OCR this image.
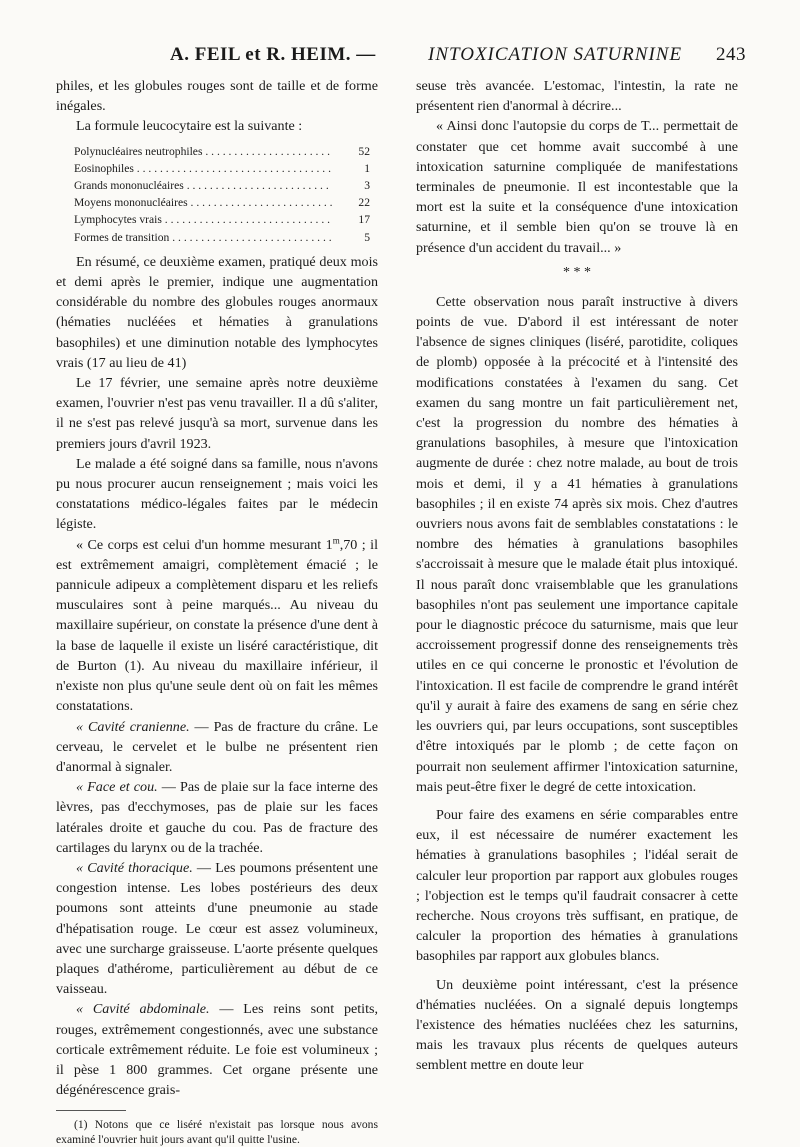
A. FEIL et R. HEIM. —	INTOXICATION SATURNINE 243

philes, et les globules rouges sont de taille et de forme inégales.

La formule leucocytaire est la suivante :

Polynucléaires neutrophiles . . .	52
Eosinophiles . . .	1
Grands mononucléaires . . .	3
Moyens mononucléaires . . .	22
Lymphocytes vrais . . .	17
Formes de transition . . .	5

En résumé, ce deuxième examen, pratiqué deux mois et demi après le premier, indique une augmentation considérable du nombre des globules rouges anormaux (hématies nucléées et hématies à granulations basophiles) et une diminution notable des lymphocytes vrais (17 au lieu de 41)

Le 17 février, une semaine après notre deuxième examen, l'ouvrier n'est pas venu travailler. Il a dû s'aliter, il ne s'est pas relevé jusqu'à sa mort, survenue dans les premiers jours d'avril 1923.

Le malade a été soigné dans sa famille, nous n'avons pu nous procurer aucun renseignement ; mais voici les constatations médico-légales faites par le médecin légiste.

« Ce corps est celui d'un homme mesurant 1$^m$,70 ; il est extrêmement amaigri, complètement émacié ; le pannicule adipeux a complètement disparu et les reliefs musculaires sont à peine marqués... Au niveau du maxillaire supérieur, on constate la présence d'une dent à la base de laquelle il existe un liséré caractéristique, dit de Burton (1). Au niveau du maxillaire inférieur, il n'existe non plus qu'une seule dent où on fait les mêmes constatations.

« Cavité cranienne. — Pas de fracture du crâne. Le cerveau, le cervelet et le bulbe ne présentent rien d'anormal à signaler.

« Face et cou. — Pas de plaie sur la face interne des lèvres, pas d'ecchymoses, pas de plaie sur les faces latérales droite et gauche du cou. Pas de fracture des cartilages du larynx ou de la trachée.

« Cavité thoracique. — Les poumons présentent une congestion intense. Les lobes postérieurs des deux poumons sont atteints d'une pneumonie au stade d'hépatisation rouge. Le cœur est assez volumineux, avec une surcharge graisseuse. L'aorte présente quelques plaques d'athérome, particulièrement au début de ce vaisseau.

« Cavité abdominale. — Les reins sont petits, rouges, extrêmement congestionnés, avec une substance corticale extrêmement réduite. Le foie est volumineux ; il pèse 1 800 grammes. Cet organe présente une dégénérescence grais-

(1) Notons que ce liséré n'existait pas lorsque nous avons examiné l'ouvrier huit jours avant qu'il quitte l'usine.

seuse très avancée. L'estomac, l'intestin, la rate ne présentent rien d'anormal à décrire...

« Ainsi donc l'autopsie du corps de T... permettait de constater que cet homme avait succombé à une intoxication saturnine compliquée de manifestations terminales de pneumonie. Il est incontestable que la mort est la suite et la conséquence d'une intoxication saturnine, et il semble bien qu'on se trouve là en présence d'un accident du travail... »

* * *

Cette observation nous paraît instructive à divers points de vue. D'abord il est intéressant de noter l'absence de signes cliniques (liséré, parotidite, coliques de plomb) opposée à la précocité et à l'intensité des modifications constatées à l'examen du sang. Cet examen du sang montre un fait particulièrement net, c'est la progression du nombre des hématies à granulations basophiles, à mesure que l'intoxication augmente de durée : chez notre malade, au bout de trois mois et demi, il y a 41 hématies à granulations basophiles ; il en existe 74 après six mois. Chez d'autres ouvriers nous avons fait de semblables constatations : le nombre des hématies à granulations basophiles s'accroissait à mesure que le malade était plus intoxiqué. Il nous paraît donc vraisemblable que les granulations basophiles n'ont pas seulement une importance capitale pour le diagnostic précoce du saturnisme, mais que leur accroissement progressif donne des renseignements très utiles en ce qui concerne le pronostic et l'évolution de l'intoxication. Il est facile de comprendre le grand intérêt qu'il y aurait à faire des examens de sang en série chez les ouvriers qui, par leurs occupations, sont susceptibles d'être intoxiqués par le plomb ; de cette façon on pourrait non seulement affirmer l'intoxication saturnine, mais peut-être fixer le degré de cette intoxication.

Pour faire des examens en série comparables entre eux, il est nécessaire de numérer exactement les hématies à granulations basophiles ; l'idéal serait de calculer leur proportion par rapport aux globules rouges ; l'objection est le temps qu'il faudrait consacrer à cette recherche. Nous croyons très suffisant, en pratique, de calculer la proportion des hématies à granulations basophiles par rapport aux globules blancs.

Un deuxième point intéressant, c'est la présence d'hématies nucléées. On a signalé depuis longtemps l'existence des hématies nucléées chez les saturnins, mais les travaux plus récents de quelques auteurs semblent mettre en doute leur
